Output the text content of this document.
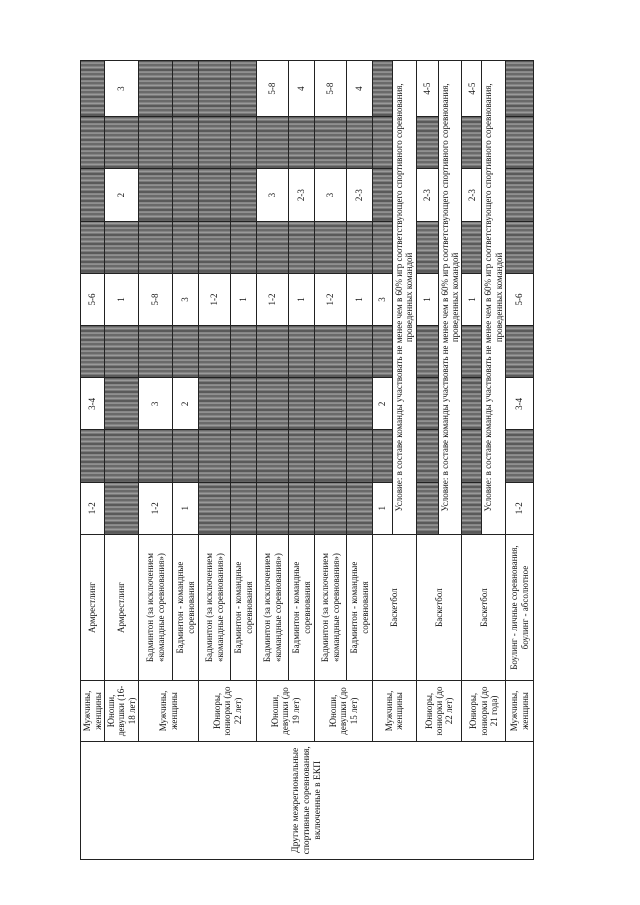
Другие межрегиональные спортивные соревнования, включенные в ЕКП	Мужчины, женщины	Армрестлинг	1-2		3-4		5-6				
	Юноши, девушки (16-18 лет)	Армрестлинг					1		2		3
	Мужчины, женщины	Бадминтон (за исключением «командные соревнования»)	1-2		3		5-8				
		Бадминтон - командные соревнования	1		2		3				
	Юниоры, юниорки (до 22 лет)	Бадминтон (за исключением «командные соревнования»)					1-2				
		Бадминтон - командные соревнования					1				
	Юноши, девушки (до 19 лет)	Бадминтон (за исключением «командные соревнования»)					1-2		3		5-8
		Бадминтон - командные соревнования					1		2-3		4
	Юноши, девушки (до 15 лет)	Бадминтон (за исключением «командные соревнования»)					1-2		3		5-8
		Бадминтон - командные соревнования					1		2-3		4
	Мужчины, женщины	Баскетбол	1		2		3				
			Условие: в составе команды участвовать не менее чем в 60% игр соответствующего спортивного соревнования, проведенных командой								
	Юниоры, юниорки (до 22 лет)	Баскетбол					1		2-3		4-5
			Условие: в составе команды участвовать не менее чем в 60% игр соответствующего спортивного соревнования, проведенных командой								
	Юниоры, юниорки (до 21 года)	Баскетбол					1		2-3		4-5
			Условие: в составе команды участвовать не менее чем в 60% игр соответствующего спортивного соревнования, проведенных командой								
	Мужчины, женщины	Боулинг - личные соревнования, боулинг - абсолютное	1-2		3-4		5-6				
